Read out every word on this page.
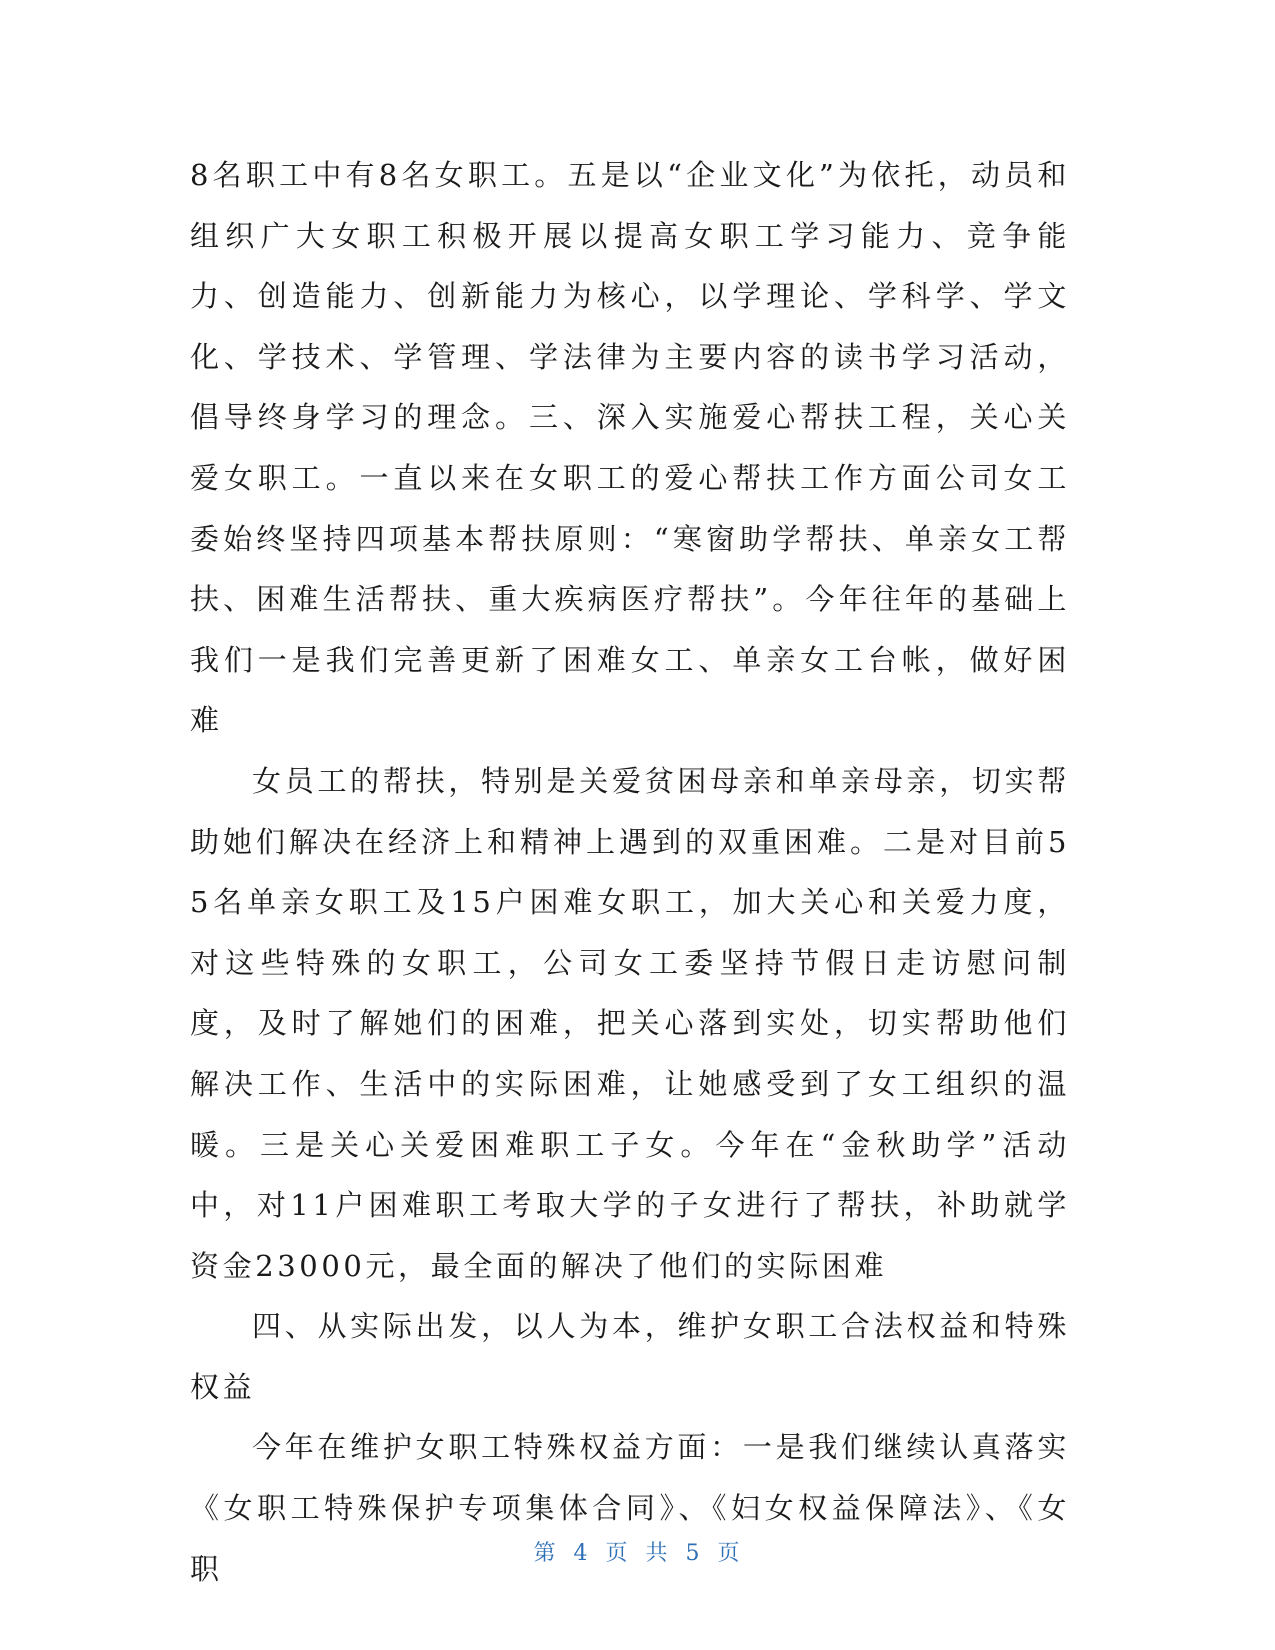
8名职工中有8名女职工。五是以“企业文化”为依托，动员和组织广大女职工积极开展以提高女职工学习能力、竞争能力、创造能力、创新能力为核心，以学理论、学科学、学文化、学技术、学管理、学法律为主要内容的读书学习活动，倡导终身学习的理念。三、深入实施爱心帮扶工程，关心关爱女职工。一直以来在女职工的爱心帮扶工作方面公司女工委始终坚持四项基本帮扶原则：“寒窗助学帮扶、单亲女工帮扶、困难生活帮扶、重大疾病医疗帮扶”。今年往年的基础上我们一是我们完善更新了困难女工、单亲女工台帐，做好困难

女员工的帮扶，特别是关爱贫困母亲和单亲母亲，切实帮助她们解决在经济上和精神上遇到的双重困难。二是对目前55名单亲女职工及15户困难女职工，加大关心和关爱力度，对这些特殊的女职工，公司女工委坚持节假日走访慰问制度，及时了解她们的困难，把关心落到实处，切实帮助他们解决工作、生活中的实际困难，让她感受到了女工组织的温暖。三是关心关爱困难职工子女。今年在“金秋助学”活动中，对11户困难职工考取大学的子女进行了帮扶，补助就学资金23000元，最全面的解决了他们的实际困难

四、从实际出发，以人为本，维护女职工合法权益和特殊权益

今年在维护女职工特殊权益方面：一是我们继续认真落实《女职工特殊保护专项集体合同》、《妇女权益保障法》、《女职	第 4 页 共 5 页
